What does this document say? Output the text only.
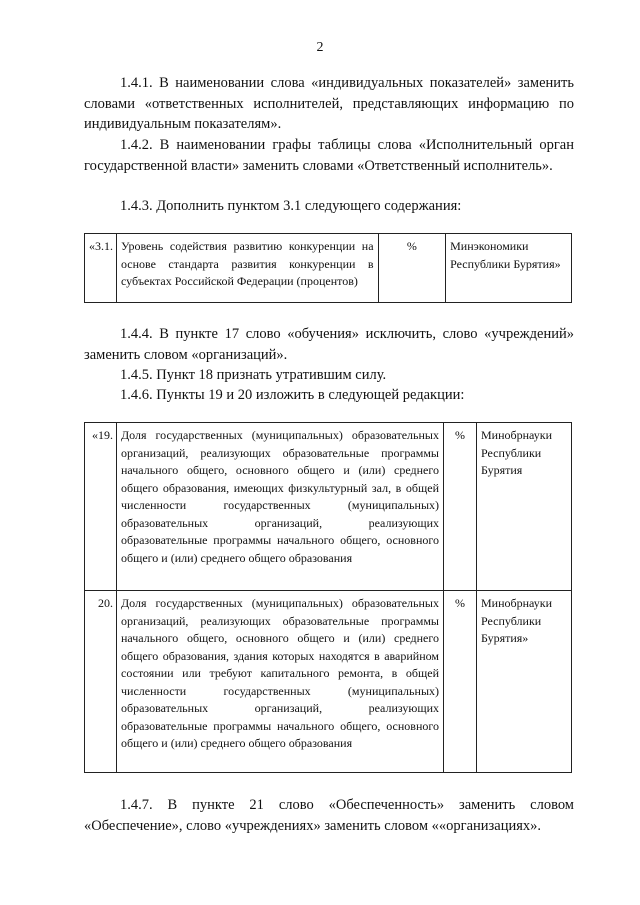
2

1.4.1. В наименовании слова «индивидуальных показателей» заменить словами «ответственных исполнителей, представляющих информацию по индивидуальным показателям».

1.4.2. В наименовании графы таблицы слова «Исполнительный орган государственной власти» заменить словами «Ответственный исполнитель».

1.4.3. Дополнить пунктом 3.1 следующего содержания:

«3.1.	Уровень содействия развитию конкуренции на основе стандарта развития конкуренции в субъектах Российской Федерации (процентов)	%	Минэкономики Республики Бурятия»

1.4.4. В пункте 17 слово «обучения» исключить, слово «учреждений» заменить словом «организаций».

1.4.5. Пункт 18 признать утратившим силу.

1.4.6. Пункты 19 и 20 изложить в следующей редакции:

«19.	Доля государственных (муниципальных) образовательных организаций, реализующих образовательные программы начального общего, основного общего и (или) среднего общего образования, имеющих физкультурный зал, в общей численности государственных (муниципальных) образовательных организаций, реализующих образовательные программы начального общего, основного общего и (или) среднего общего образования	%	Минобрнауки Республики Бурятия
20.	Доля государственных (муниципальных) образовательных организаций, реализующих образовательные программы начального общего, основного общего и (или) среднего общего образования, здания которых находятся в аварийном состоянии или требуют капитального ремонта, в общей численности государственных (муниципальных) образовательных организаций, реализующих образовательные программы начального общего, основного общего и (или) среднего общего образования	%	Минобрнауки Республики Бурятия»

1.4.7. В пункте 21 слово «Обеспеченность» заменить словом «Обеспечение», слово «учреждениях» заменить словом ««организациях».
